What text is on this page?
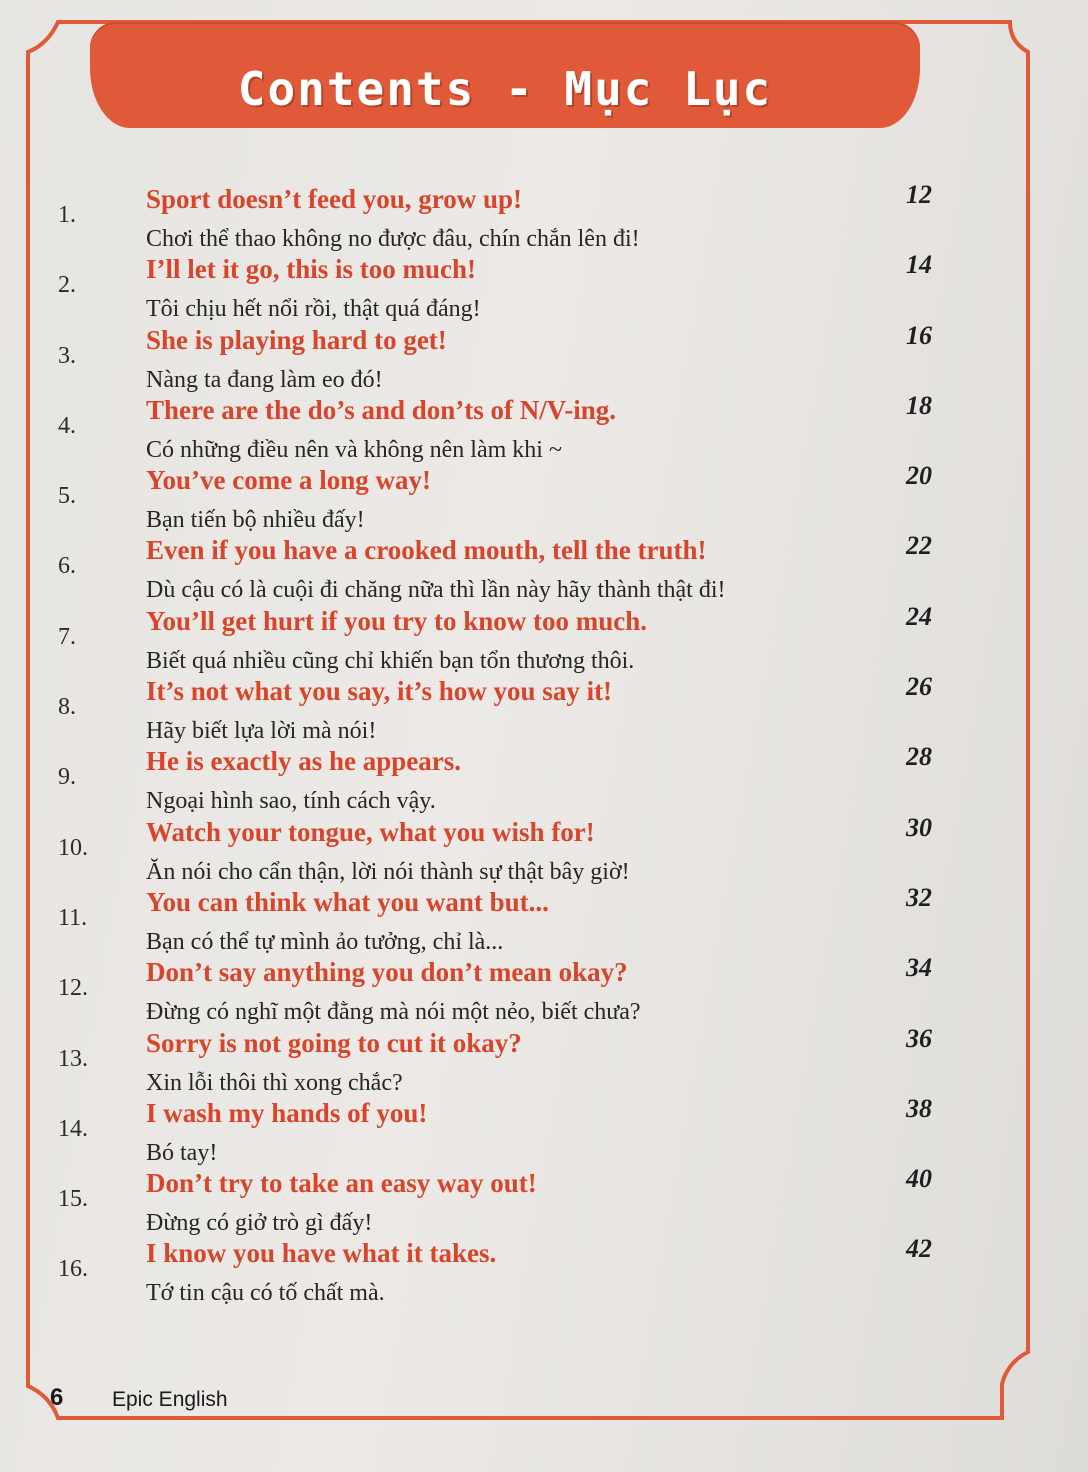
Contents - Mục Lục
1.
Sport doesn’t feed you, grow up!
Chơi thể thao không no được đâu, chín chắn lên đi!
12
2.
I’ll let it go, this is too much!
Tôi chịu hết nổi rồi, thật quá đáng!
14
3.
She is playing hard to get!
Nàng ta đang làm eo đó!
16
4.
There are the do’s and don’ts of N/V-ing.
Có những điều nên và không nên làm khi ~
18
5.
You’ve come a long way!
Bạn tiến bộ nhiều đấy!
20
6.
Even if you have a crooked mouth, tell the truth!
Dù cậu có là cuội đi chăng nữa thì lần này hãy thành thật đi!
22
7.
You’ll get hurt if you try to know too much.
Biết quá nhiều cũng chỉ khiến bạn tổn thương thôi.
24
8.
It’s not what you say, it’s how you say it!
Hãy biết lựa lời mà nói!
26
9.
He is exactly as he appears.
Ngoại hình sao, tính cách vậy.
28
10.
Watch your tongue, what you wish for!
Ăn nói cho cẩn thận, lời nói thành sự thật bây giờ!
30
11.
You can think what you want but...
Bạn có thể tự mình ảo tưởng, chỉ là...
32
12.
Don’t say anything you don’t mean okay?
Đừng có nghĩ một đằng mà nói một nẻo, biết chưa?
34
13.
Sorry is not going to cut it okay?
Xin lỗi thôi thì xong chắc?
36
14.
I wash my hands of you!
Bó tay!
38
15.
Don’t try to take an easy way out!
Đừng có giở trò gì đấy!
40
16.
I know you have what it takes.
Tớ tin cậu có tố chất mà.
42
6 Epic English
